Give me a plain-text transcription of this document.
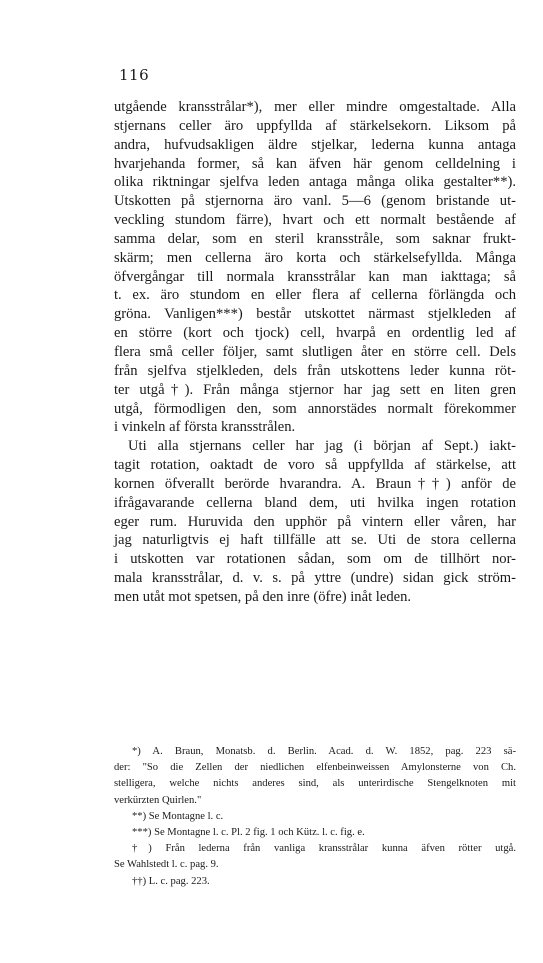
116
utgående kransstrålar*), mer eller mindre omgestaltade. Alla
stjernans celler äro uppfyllda af stärkelsekorn. Liksom på
andra, hufvudsakligen äldre stjelkar, lederna kunna antaga
hvarjehanda former, så kan äfven här genom celldelning i
olika riktningar sjelfva leden antaga många olika gestalter**).
Utskotten på stjernorna äro vanl. 5—6 (genom bristande ut-
veckling stundom färre), hvart och ett normalt bestående af
samma delar, som en steril kransstråle, som saknar frukt-
skärm; men cellerna äro korta och stärkelsefyllda. Många
öfvergångar till normala kransstrålar kan man iakttaga; så
t. ex. äro stundom en eller flera af cellerna förlängda och
gröna. Vanligen***) består utskottet närmast stjelkleden af
en större (kort och tjock) cell, hvarpå en ordentlig led af
flera små celler följer, samt slutligen åter en större cell. Dels
från sjelfva stjelkleden, dels från utskottens leder kunna röt-
ter utgå†). Från många stjernor har jag sett en liten gren
utgå, förmodligen den, som annorstädes normalt förekommer
i vinkeln af första kransstrålen.
Uti alla stjernans celler har jag (i början af Sept.) iakt-
tagit rotation, oaktadt de voro så uppfyllda af stärkelse, att
kornen öfverallt berörde hvarandra. A. Braun††) anför de
ifrågavarande cellerna bland dem, uti hvilka ingen rotation
eger rum. Huruvida den upphör på vintern eller våren, har
jag naturligtvis ej haft tillfälle att se. Uti de stora cellerna
i utskotten var rotationen sådan, som om de tillhört nor-
mala kransstrålar, d. v. s. på yttre (undre) sidan gick ström-
men utåt mot spetsen, på den inre (öfre) inåt leden.
*) A. Braun, Monatsb. d. Berlin. Acad. d. W. 1852, pag. 223 sä-
der: "So die Zellen der niedlichen elfenbeinweissen Amylonsterne von Ch.
stelligera, welche nichts anderes sind, als unterirdische Stengelknoten mit
verkürzten Quirlen."
**) Se Montagne l. c.
***) Se Montagne l. c. Pl. 2 fig. 1 och Kütz. l. c. fig. e.
†) Från lederna från vanliga kransstrålar kunna äfven rötter utgå.
Se Wahlstedt l. c. pag. 9.
††) L. c. pag. 223.
